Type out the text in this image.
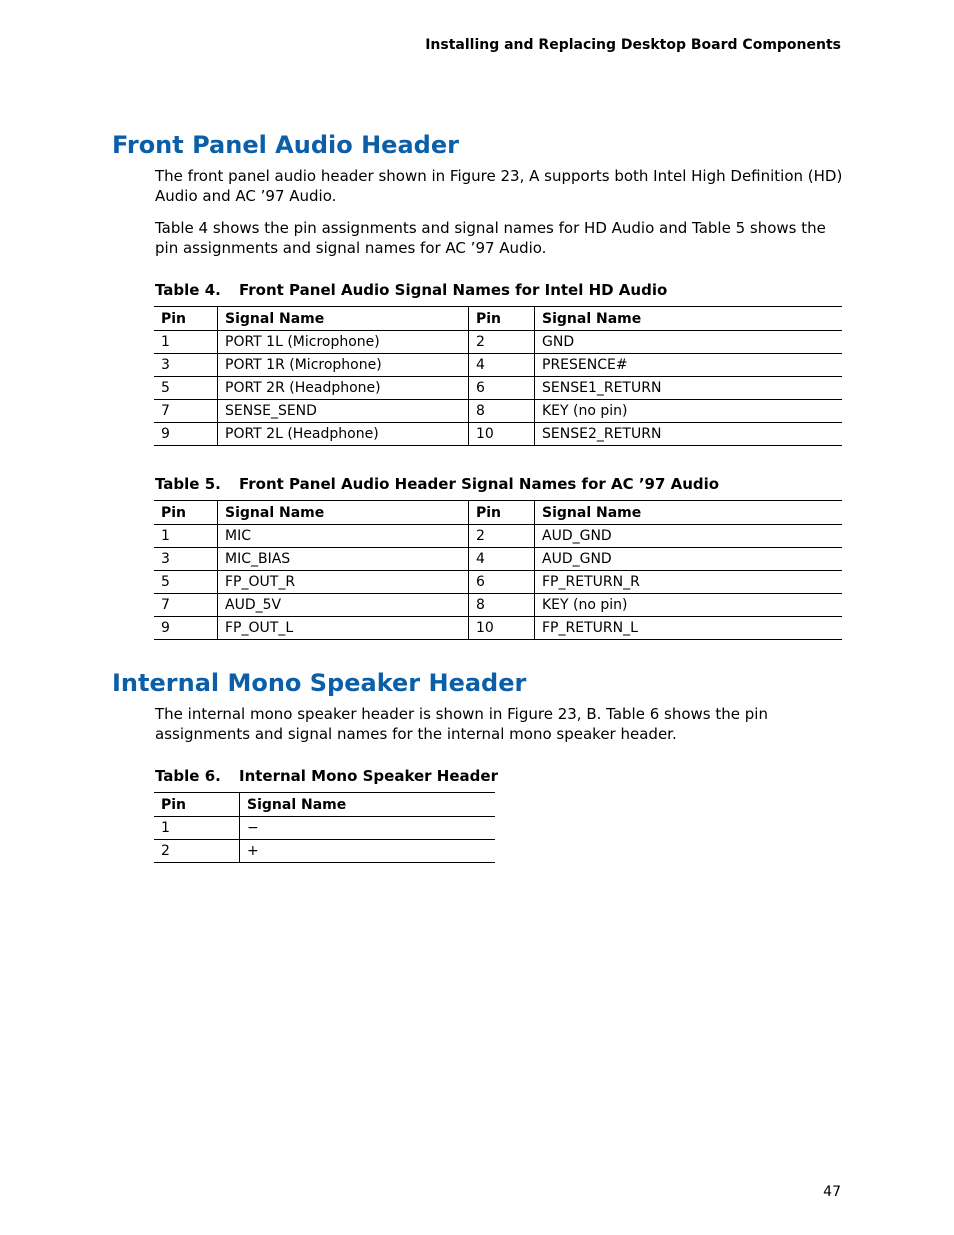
Installing and Replacing Desktop Board Components
Front Panel Audio Header

The front panel audio header shown in Figure 23, A supports both Intel High Definition (HD) Audio and AC ’97 Audio.

Table 4 shows the pin assignments and signal names for HD Audio and Table 5 shows the pin assignments and signal names for AC ’97 Audio.

Table 4. Front Panel Audio Signal Names for Intel HD Audio
Pin	Signal Name	Pin	Signal Name
1	PORT 1L (Microphone)	2	GND
3	PORT 1R (Microphone)	4	PRESENCE#
5	PORT 2R (Headphone)	6	SENSE1_RETURN
7	SENSE_SEND	8	KEY (no pin)
9	PORT 2L (Headphone)	10	SENSE2_RETURN
Table 5. Front Panel Audio Header Signal Names for AC ’97 Audio
Pin	Signal Name	Pin	Signal Name
1	MIC	2	AUD_GND
3	MIC_BIAS	4	AUD_GND
5	FP_OUT_R	6	FP_RETURN_R
7	AUD_5V	8	KEY (no pin)
9	FP_OUT_L	10	FP_RETURN_L
Internal Mono Speaker Header

The internal mono speaker header is shown in Figure 23, B. Table 6 shows the pin assignments and signal names for the internal mono speaker header.

Table 6. Internal Mono Speaker Header
Pin	Signal Name
1	−
2	+
47
